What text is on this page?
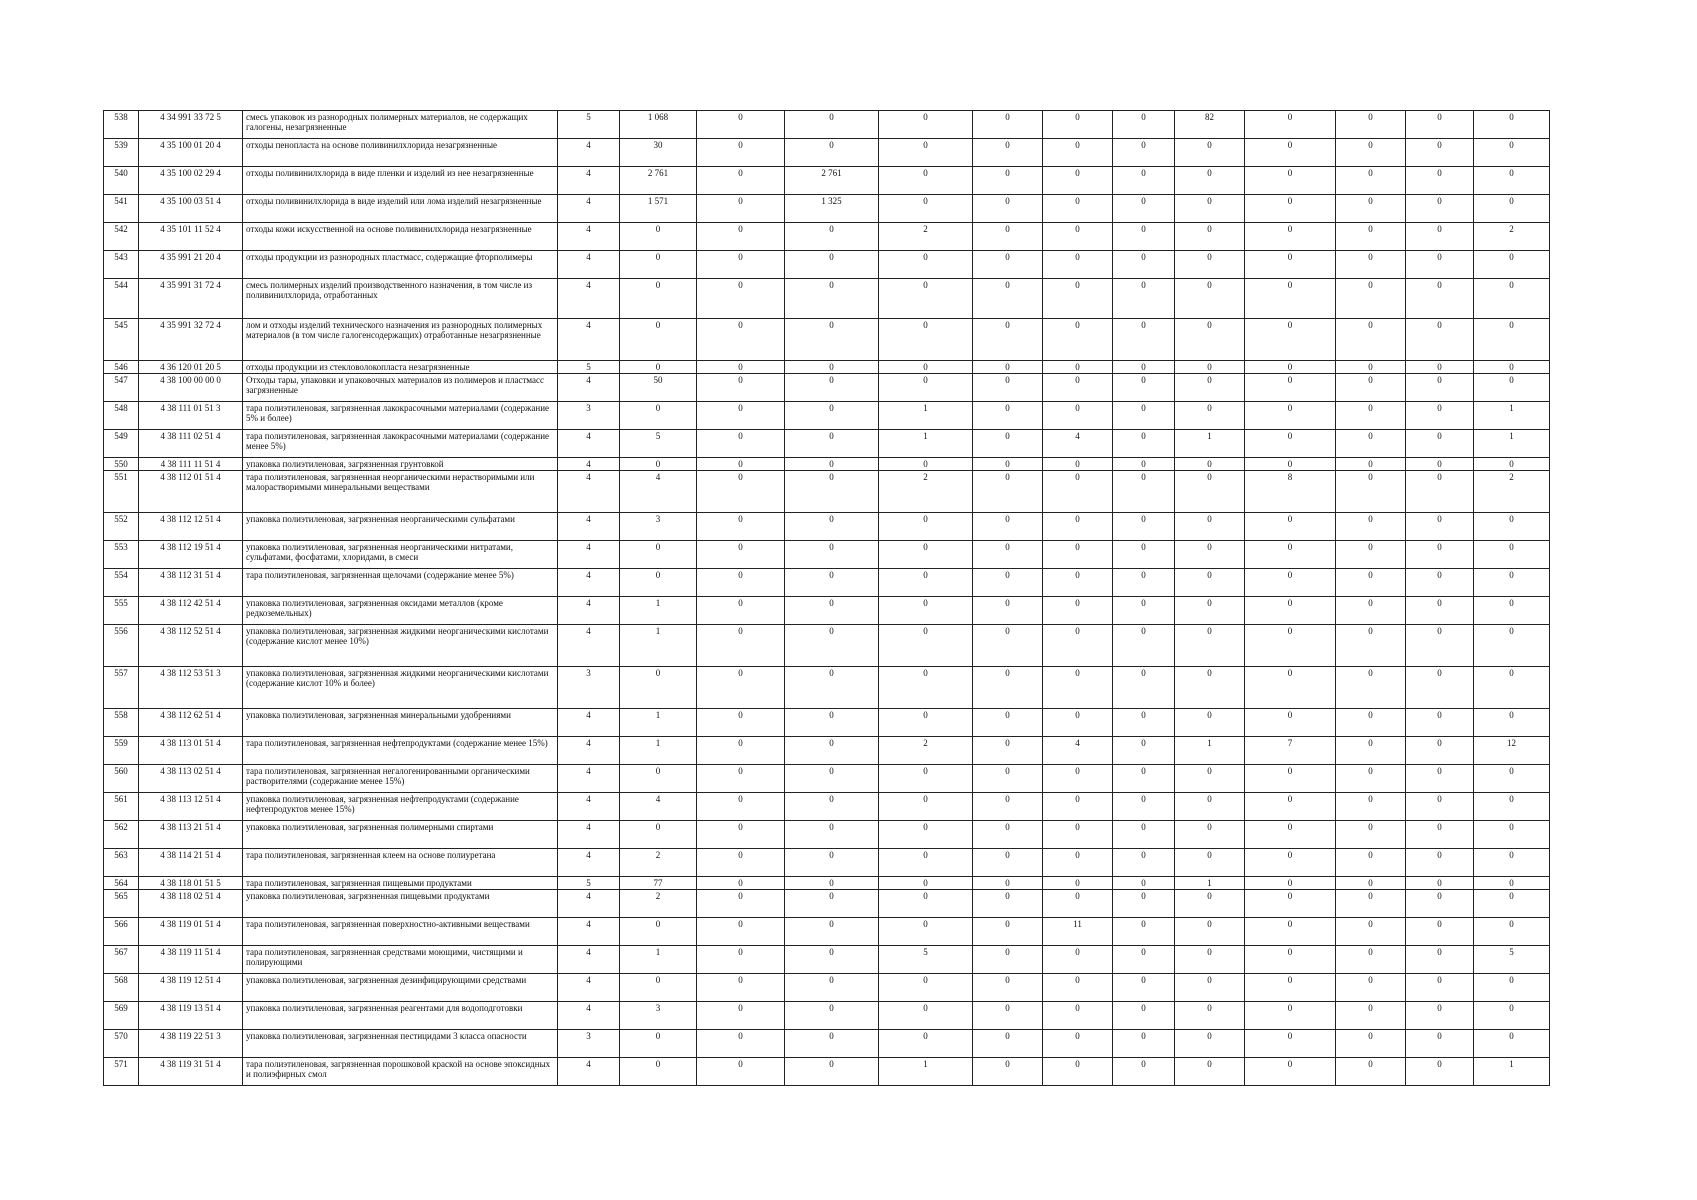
538	4 34 991 33 72 5	смесь упаковок из разнородных полимерных материалов, не содержащих галогены, незагрязненные	5	1 068	0	0	0	0	0	0	82	0	0	0	0
539	4 35 100 01 20 4	отходы пенопласта на основе поливинилхлорида незагрязненные	4	30	0	0	0	0	0	0	0	0	0	0	0
540	4 35 100 02 29 4	отходы поливинилхлорида в виде пленки и изделий из нее незагрязненные	4	2 761	0	2 761	0	0	0	0	0	0	0	0	0
541	4 35 100 03 51 4	отходы поливинилхлорида в виде изделий или лома изделий незагрязненные	4	1 571	0	1 325	0	0	0	0	0	0	0	0	0
542	4 35 101 11 52 4	отходы кожи искусственной на основе поливинилхлорида незагрязненные	4	0	0	0	2	0	0	0	0	0	0	0	2
543	4 35 991 21 20 4	отходы продукции из разнородных пластмасс, содержащие фторполимеры	4	0	0	0	0	0	0	0	0	0	0	0	0
544	4 35 991 31 72 4	смесь полимерных изделий производственного назначения, в том числе из поливинилхлорида, отработанных	4	0	0	0	0	0	0	0	0	0	0	0	0
545	4 35 991 32 72 4	лом и отходы изделий технического назначения из разнородных полимерных материалов (в том числе галогенсодержащих) отработанные незагрязненные	4	0	0	0	0	0	0	0	0	0	0	0	0
546	4 36 120 01 20 5	отходы продукции из стекловолокопласта незагрязненные	5	0	0	0	0	0	0	0	0	0	0	0	0
547	4 38 100 00 00 0	Отходы тары, упаковки и упаковочных материалов из полимеров и пластмасс загрязненные	4	50	0	0	0	0	0	0	0	0	0	0	0
548	4 38 111 01 51 3	тара полиэтиленовая, загрязненная лакокрасочными материалами (содержание 5% и более)	3	0	0	0	1	0	0	0	0	0	0	0	1
549	4 38 111 02 51 4	тара полиэтиленовая, загрязненная лакокрасочными материалами (содержание менее 5%)	4	5	0	0	1	0	4	0	1	0	0	0	1
550	4 38 111 11 51 4	упаковка полиэтиленовая, загрязненная грунтовкой	4	0	0	0	0	0	0	0	0	0	0	0	0
551	4 38 112 01 51 4	тара полиэтиленовая, загрязненная неорганическими нерастворимыми или малорастворимыми минеральными веществами	4	4	0	0	2	0	0	0	0	8	0	0	2
552	4 38 112 12 51 4	упаковка полиэтиленовая, загрязненная неорганическими сульфатами	4	3	0	0	0	0	0	0	0	0	0	0	0
553	4 38 112 19 51 4	упаковка полиэтиленовая, загрязненная неорганическими нитратами, сульфатами, фосфатами, хлоридами, в смеси	4	0	0	0	0	0	0	0	0	0	0	0	0
554	4 38 112 31 51 4	тара полиэтиленовая, загрязненная щелочами (содержание менее 5%)	4	0	0	0	0	0	0	0	0	0	0	0	0
555	4 38 112 42 51 4	упаковка полиэтиленовая, загрязненная оксидами металлов (кроме редкоземельных)	4	1	0	0	0	0	0	0	0	0	0	0	0
556	4 38 112 52 51 4	упаковка полиэтиленовая, загрязненная жидкими неорганическими кислотами (содержание кислот менее 10%)	4	1	0	0	0	0	0	0	0	0	0	0	0
557	4 38 112 53 51 3	упаковка полиэтиленовая, загрязненная жидкими неорганическими кислотами (содержание кислот 10% и более)	3	0	0	0	0	0	0	0	0	0	0	0	0
558	4 38 112 62 51 4	упаковка полиэтиленовая, загрязненная минеральными удобрениями	4	1	0	0	0	0	0	0	0	0	0	0	0
559	4 38 113 01 51 4	тара полиэтиленовая, загрязненная нефтепродуктами (содержание менее 15%)	4	1	0	0	2	0	4	0	1	7	0	0	12
560	4 38 113 02 51 4	тара полиэтиленовая, загрязненная негалогенированными органическими растворителями (содержание менее 15%)	4	0	0	0	0	0	0	0	0	0	0	0	0
561	4 38 113 12 51 4	упаковка полиэтиленовая, загрязненная нефтепродуктами (содержание нефтепродуктов менее 15%)	4	4	0	0	0	0	0	0	0	0	0	0	0
562	4 38 113 21 51 4	упаковка полиэтиленовая, загрязненная полимерными спиртами	4	0	0	0	0	0	0	0	0	0	0	0	0
563	4 38 114 21 51 4	тара полиэтиленовая, загрязненная клеем на основе полиуретана	4	2	0	0	0	0	0	0	0	0	0	0	0
564	4 38 118 01 51 5	тара полиэтиленовая, загрязненная пищевыми продуктами	5	77	0	0	0	0	0	0	1	0	0	0	0
565	4 38 118 02 51 4	упаковка полиэтиленовая, загрязненная пищевыми продуктами	4	2	0	0	0	0	0	0	0	0	0	0	0
566	4 38 119 01 51 4	тара полиэтиленовая, загрязненная поверхностно-активными веществами	4	0	0	0	0	0	11	0	0	0	0	0	0
567	4 38 119 11 51 4	тара полиэтиленовая, загрязненная средствами моющими, чистящими и полирующими	4	1	0	0	5	0	0	0	0	0	0	0	5
568	4 38 119 12 51 4	упаковка полиэтиленовая, загрязненная дезинфицирующими средствами	4	0	0	0	0	0	0	0	0	0	0	0	0
569	4 38 119 13 51 4	упаковка полиэтиленовая, загрязненная реагентами для водоподготовки	4	3	0	0	0	0	0	0	0	0	0	0	0
570	4 38 119 22 51 3	упаковка полиэтиленовая, загрязненная пестицидами 3 класса опасности	3	0	0	0	0	0	0	0	0	0	0	0	0
571	4 38 119 31 51 4	тара полиэтиленовая, загрязненная порошковой краской на основе эпоксидных и полиэфирных смол	4	0	0	0	1	0	0	0	0	0	0	0	1
